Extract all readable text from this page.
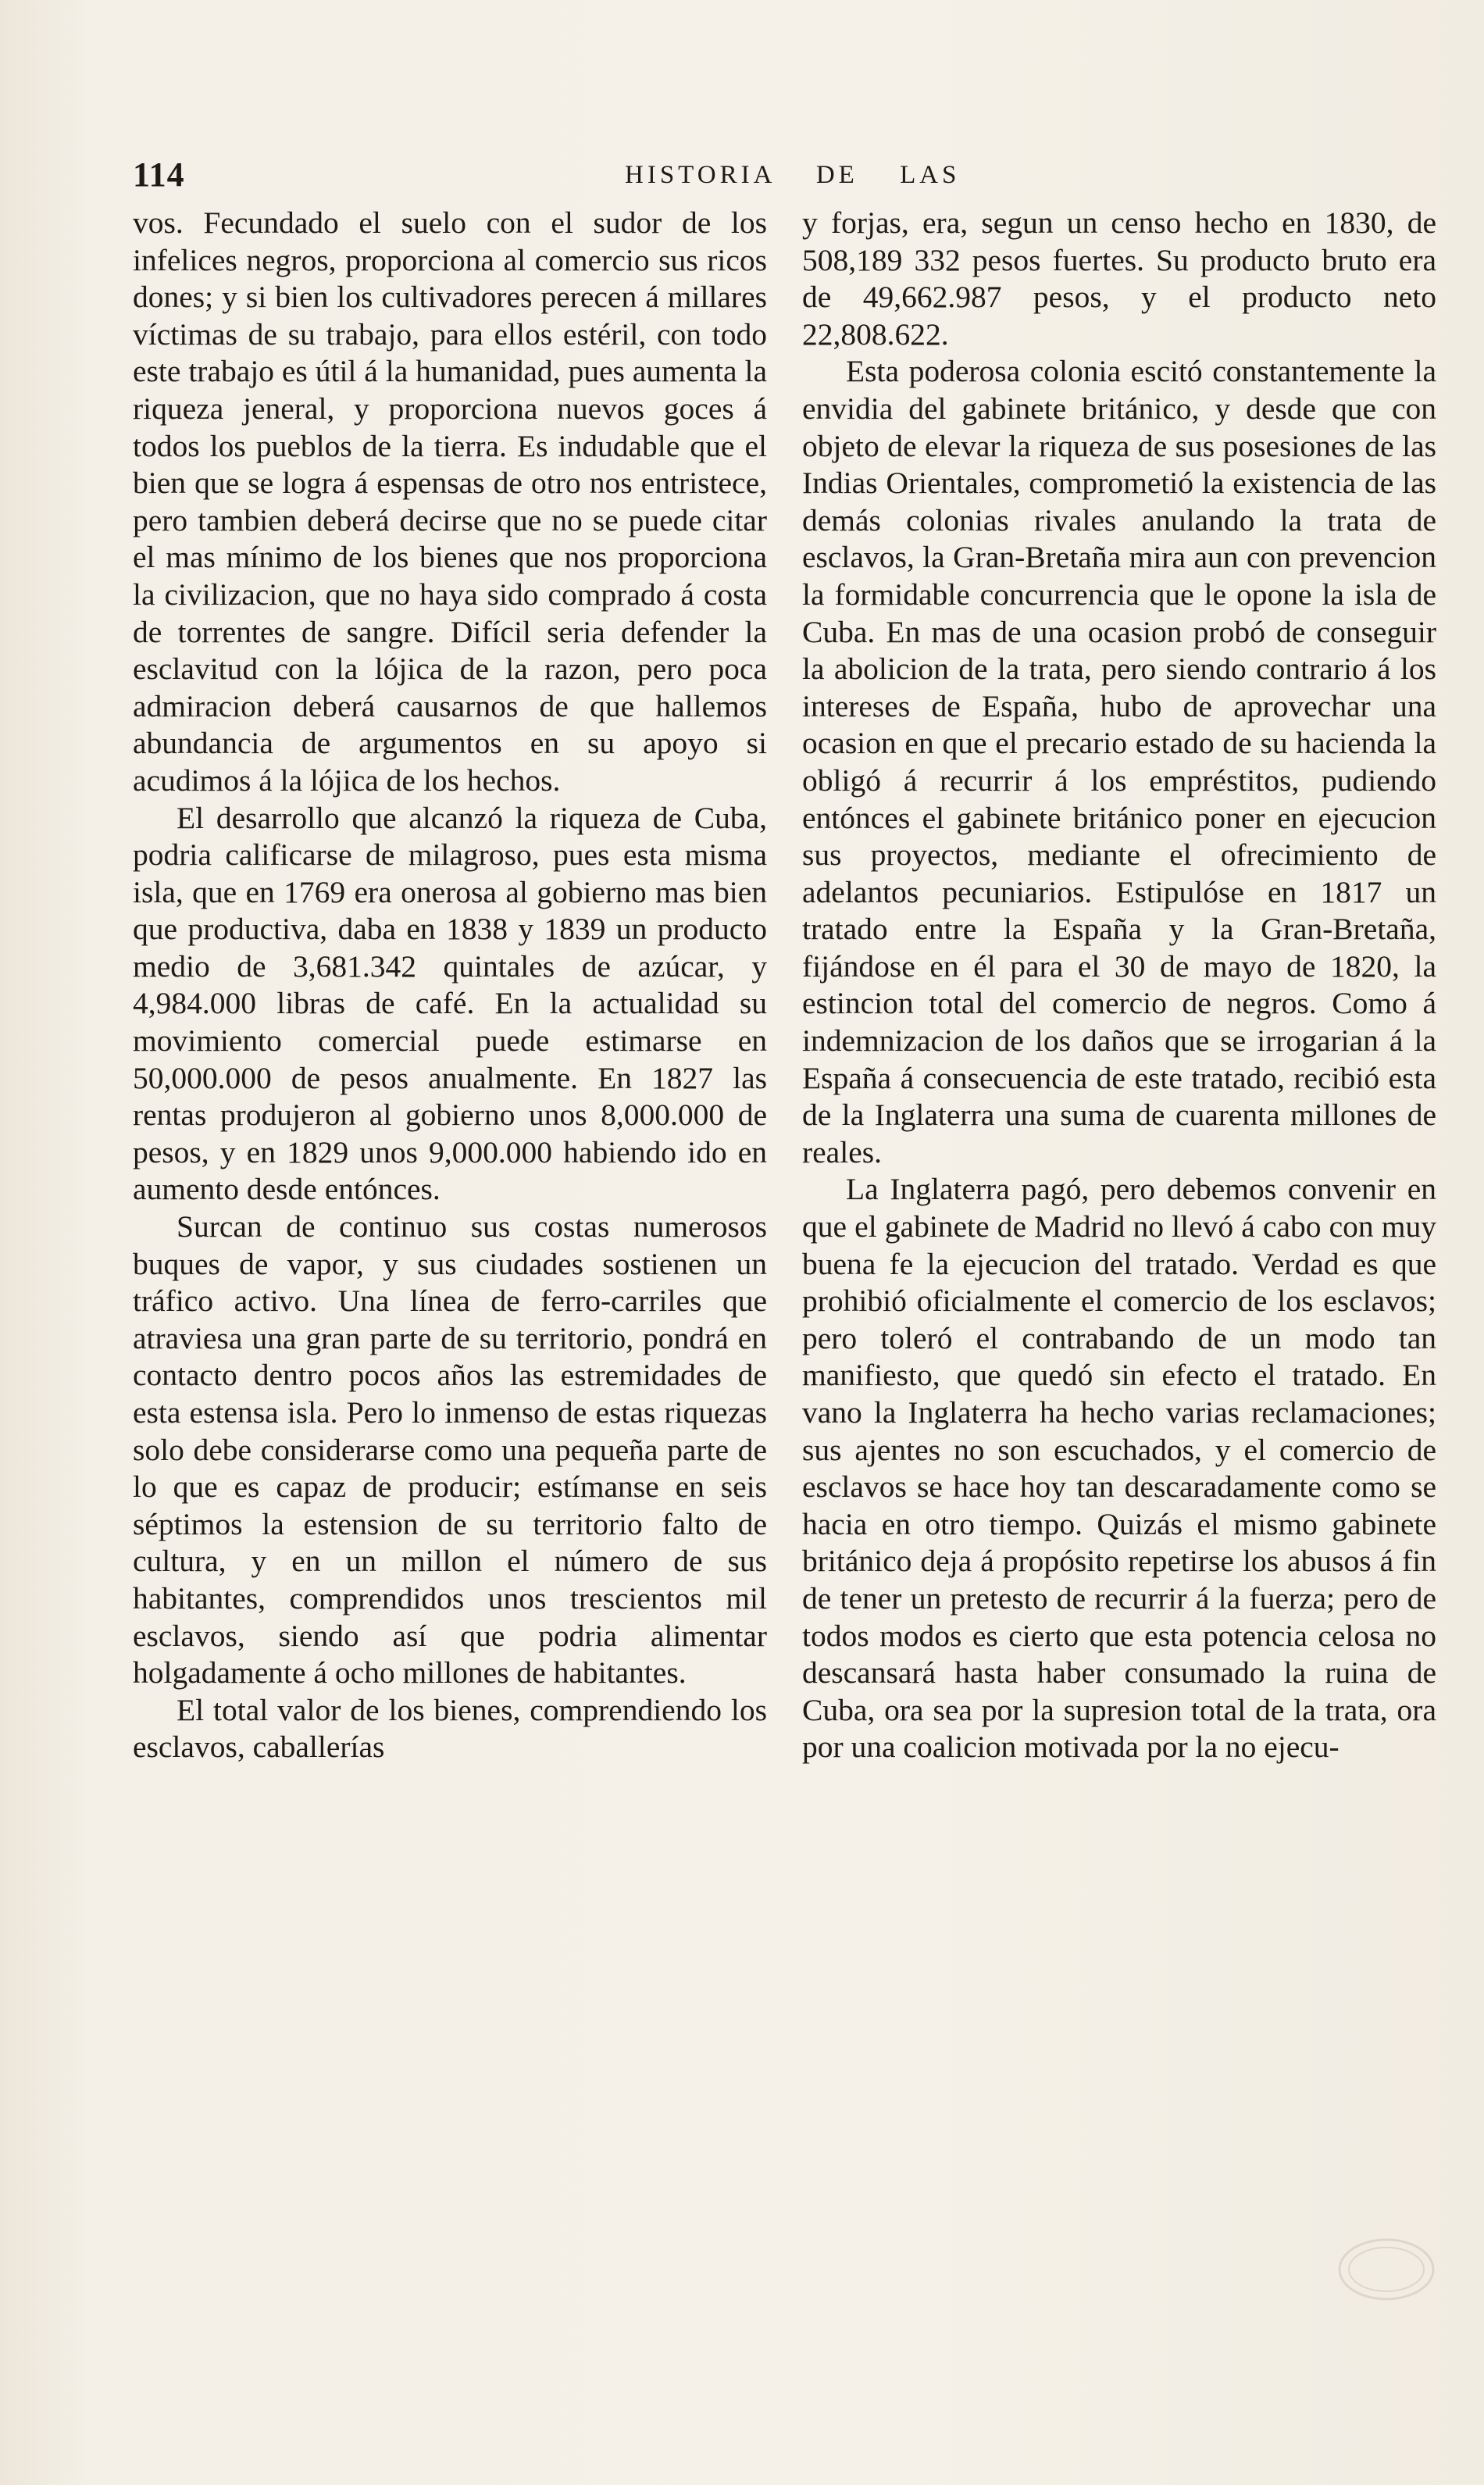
114	HISTORIA DE LAS

vos. Fecundado el suelo con el sudor de los infelices negros, proporciona al comercio sus ricos dones; y si bien los cultivadores perecen á millares víctimas de su trabajo, para ellos estéril, con todo este trabajo es útil á la humanidad, pues aumenta la riqueza jeneral, y proporciona nuevos goces á todos los pueblos de la tierra. Es indudable que el bien que se logra á espensas de otro nos entristece, pero tambien deberá decirse que no se puede citar el mas mínimo de los bienes que nos proporciona la civilizacion, que no haya sido comprado á costa de torrentes de sangre. Difícil seria defender la esclavitud con la lójica de la razon, pero poca admiracion deberá causarnos de que hallemos abundancia de argumentos en su apoyo si acudimos á la lójica de los hechos.

El desarrollo que alcanzó la riqueza de Cuba, podria calificarse de milagroso, pues esta misma isla, que en 1769 era onerosa al gobierno mas bien que productiva, daba en 1838 y 1839 un producto medio de 3,681.342 quintales de azúcar, y 4,984.000 libras de café. En la actualidad su movimiento comercial puede estimarse en 50,000.000 de pesos anualmente. En 1827 las rentas produjeron al gobierno unos 8,000.000 de pesos, y en 1829 unos 9,000.000 habiendo ido en aumento desde entónces.

Surcan de continuo sus costas numerosos buques de vapor, y sus ciudades sostienen un tráfico activo. Una línea de ferro-carriles que atraviesa una gran parte de su territorio, pondrá en contacto dentro pocos años las estremidades de esta estensa isla. Pero lo inmenso de estas riquezas solo debe considerarse como una pequeña parte de lo que es capaz de producir; estímanse en seis séptimos la estension de su territorio falto de cultura, y en un millon el número de sus habitantes, comprendidos unos trescientos mil esclavos, siendo así que podria alimentar holgadamente á ocho millones de habitantes.

El total valor de los bienes, comprendiendo los esclavos, caballerías

y forjas, era, segun un censo hecho en 1830, de 508,189 332 pesos fuertes. Su producto bruto era de 49,662.987 pesos, y el producto neto 22,808.622.

Esta poderosa colonia escitó constantemente la envidia del gabinete británico, y desde que con objeto de elevar la riqueza de sus posesiones de las Indias Orientales, comprometió la existencia de las demás colonias rivales anulando la trata de esclavos, la Gran-Bretaña mira aun con prevencion la formidable concurrencia que le opone la isla de Cuba. En mas de una ocasion probó de conseguir la abolicion de la trata, pero siendo contrario á los intereses de España, hubo de aprovechar una ocasion en que el precario estado de su hacienda la obligó á recurrir á los empréstitos, pudiendo entónces el gabinete británico poner en ejecucion sus proyectos, mediante el ofrecimiento de adelantos pecuniarios. Estipulóse en 1817 un tratado entre la España y la Gran-Bretaña, fijándose en él para el 30 de mayo de 1820, la estincion total del comercio de negros. Como á indemnizacion de los daños que se irrogarian á la España á consecuencia de este tratado, recibió esta de la Inglaterra una suma de cuarenta millones de reales.

La Inglaterra pagó, pero debemos convenir en que el gabinete de Madrid no llevó á cabo con muy buena fe la ejecucion del tratado. Verdad es que prohibió oficialmente el comercio de los esclavos; pero toleró el contrabando de un modo tan manifiesto, que quedó sin efecto el tratado. En vano la Inglaterra ha hecho varias reclamaciones; sus ajentes no son escuchados, y el comercio de esclavos se hace hoy tan descaradamente como se hacia en otro tiempo. Quizás el mismo gabinete británico deja á propósito repetirse los abusos á fin de tener un pretesto de recurrir á la fuerza; pero de todos modos es cierto que esta potencia celosa no descansará hasta haber consumado la ruina de Cuba, ora sea por la supresion total de la trata, ora por una coalicion motivada por la no ejecu-
